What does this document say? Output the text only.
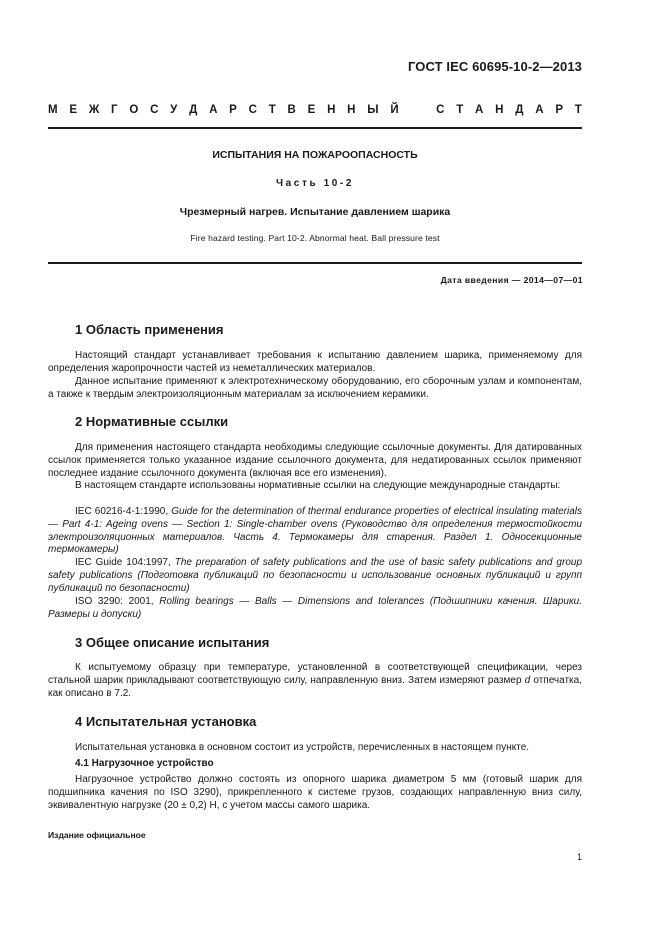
ГОСТ IEC 60695-10-2—2013
М Е Ж Г О С У Д А Р С Т В Е Н Н Ы Й	С Т А Н Д А Р Т
ИСПЫТАНИЯ НА ПОЖАРООПАСНОСТЬ
Часть 10-2
Чрезмерный нагрев. Испытание давлением шарика
Fire hazard testing. Part 10-2. Abnormal heat. Ball pressure test
Дата введения — 2014—07—01
1 Область применения

Настоящий стандарт устанавливает требования к испытанию давлением шарика, применяемому для определения жаропрочности частей из неметаллических материалов.

Данное испытание применяют к электротехническому оборудованию, его сборочным узлам и компонентам, а также к твердым электроизоляционным материалам за исключением керамики.

2 Нормативные ссылки

Для применения настоящего стандарта необходимы следующие ссылочные документы. Для датированных ссылок применяется только указанное издание ссылочного документа, для недатированных ссылок применяют последнее издание ссылочного документа (включая все его изменения).

В настоящем стандарте использованы нормативные ссылки на следующие международные стандарты:

IEC 60216-4-1:1990, Guide for the determination of thermal endurance properties of electrical insulating materials — Part 4-1: Ageing ovens — Section 1: Single-chamber ovens (Руководство для определения термостойкости электроизоляционных материалов. Часть 4. Термокамеры для старения. Раздел 1. Односекционные термокамеры)

IEC Guide 104:1997, The preparation of safety publications and the use of basic safety publications and group safety publications (Подготовка публикаций по безопасности и использование основных публикаций и групп публикаций по безопасности)

ISO 3290: 2001, Rolling bearings — Balls — Dimensions and tolerances (Подшипники качения. Шарики. Размеры и допуски)

3 Общее описание испытания

К испытуемому образцу при температуре, установленной в соответствующей спецификации, через стальной шарик прикладывают соответствующую силу, направленную вниз. Затем измеряют размер d отпечатка, как описано в 7.2.

4 Испытательная установка

Испытательная установка в основном состоит из устройств, перечисленных в настоящем пункте.

4.1 Нагрузочное устройство

Нагрузочное устройство должно состоять из опорного шарика диаметром 5 мм (готовый шарик для подшипника качения по ISO 3290), прикрепленного к системе грузов, создающих направленную вниз силу, эквивалентную нагрузке (20 ± 0,2) Н, с учетом массы самого шарика.

Издание официальное
1
